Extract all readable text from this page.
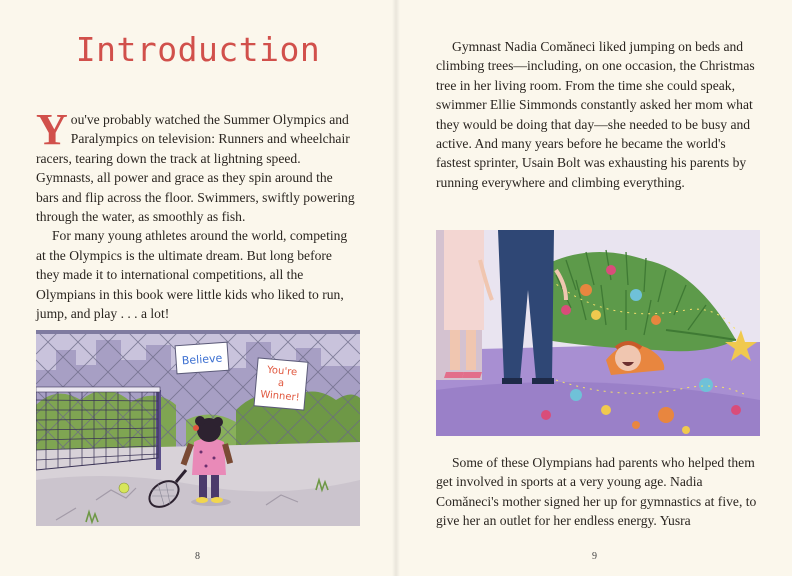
Introduction

You've probably watched the Summer Olympics and Paralympics on television: Runners and wheelchair racers, tearing down the track at lightning speed. Gymnasts, all power and grace as they spin around the bars and flip across the floor. Swimmers, swiftly powering through the water, as smoothly as fish.

For many young athletes around the world, competing at the Olympics is the ultimate dream. But long before they made it to international competitions, all the Olympians in this book were little kids who liked to run, jump, and play . . . a lot!

Believe
You're
a
Winner!
8

Gymnast Nadia Comăneci liked jumping on beds and climbing trees—including, on one occasion, the Christmas tree in her living room. From the time she could speak, swimmer Ellie Simmonds constantly asked her mom what they would be doing that day—she needed to be busy and active. And many years before he became the world's fastest sprinter, Usain Bolt was exhausting his parents by running everywhere and climbing everything.

Some of these Olympians had parents who helped them get involved in sports at a very young age. Nadia Comăneci's mother signed her up for gymnastics at five, to give her an outlet for her endless energy. Yusra

9
